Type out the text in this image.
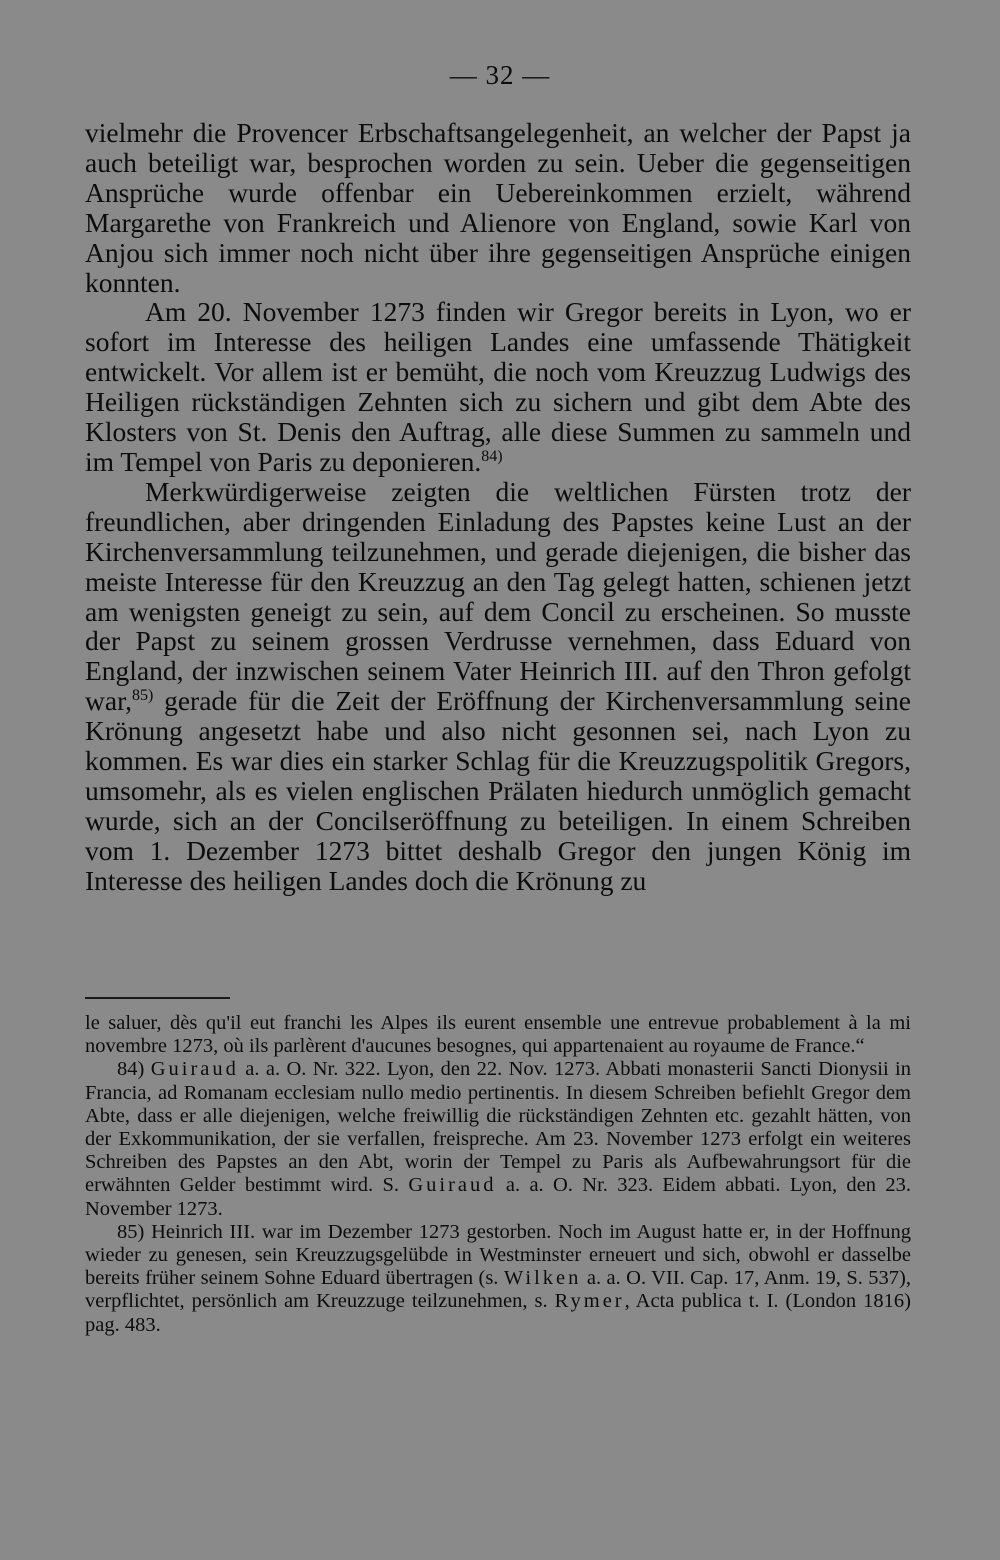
— 32 —

vielmehr die Provencer Erbschaftsangelegenheit, an welcher der Papst ja auch beteiligt war, besprochen worden zu sein. Ueber die gegenseitigen Ansprüche wurde offenbar ein Uebereinkommen erzielt, während Margarethe von Frankreich und Alienore von England, sowie Karl von Anjou sich immer noch nicht über ihre gegenseitigen Ansprüche einigen konnten.

Am 20. November 1273 finden wir Gregor bereits in Lyon, wo er sofort im Interesse des heiligen Landes eine umfassende Thätigkeit entwickelt. Vor allem ist er bemüht, die noch vom Kreuzzug Ludwigs des Heiligen rückständigen Zehnten sich zu sichern und gibt dem Abte des Klosters von St. Denis den Auftrag, alle diese Summen zu sammeln und im Tempel von Paris zu deponieren.$^{84)}$

Merkwürdigerweise zeigten die weltlichen Fürsten trotz der freundlichen, aber dringenden Einladung des Papstes keine Lust an der Kirchenversammlung teilzunehmen, und gerade diejenigen, die bisher das meiste Interesse für den Kreuzzug an den Tag gelegt hatten, schienen jetzt am wenigsten geneigt zu sein, auf dem Concil zu erscheinen. So musste der Papst zu seinem grossen Verdrusse vernehmen, dass Eduard von England, der inzwischen seinem Vater Heinrich III. auf den Thron gefolgt war,$^{85)}$ gerade für die Zeit der Eröffnung der Kirchenversammlung seine Krönung angesetzt habe und also nicht gesonnen sei, nach Lyon zu kommen. Es war dies ein starker Schlag für die Kreuzzugspolitik Gregors, umsomehr, als es vielen englischen Prälaten hiedurch unmöglich gemacht wurde, sich an der Concilseröffnung zu beteiligen. In einem Schreiben vom 1. Dezember 1273 bittet deshalb Gregor den jungen König im Interesse des heiligen Landes doch die Krönung zu

le saluer, dès qu'il eut franchi les Alpes ils eurent ensemble une entrevue probablement à la mi novembre 1273, où ils parlèrent d'aucunes besognes, qui appartenaient au royaume de France.“

84) Guiraud a. a. O. Nr. 322. Lyon, den 22. Nov. 1273. Abbati monasterii Sancti Dionysii in Francia, ad Romanam ecclesiam nullo medio pertinentis. In diesem Schreiben befiehlt Gregor dem Abte, dass er alle diejenigen, welche freiwillig die rückständigen Zehnten etc. gezahlt hätten, von der Exkommunikation, der sie verfallen, freispreche. Am 23. November 1273 erfolgt ein weiteres Schreiben des Papstes an den Abt, worin der Tempel zu Paris als Aufbewahrungsort für die erwähnten Gelder bestimmt wird. S. Guiraud a. a. O. Nr. 323. Eidem abbati. Lyon, den 23. November 1273.

85) Heinrich III. war im Dezember 1273 gestorben. Noch im August hatte er, in der Hoffnung wieder zu genesen, sein Kreuzzugsgelübde in Westminster erneuert und sich, obwohl er dasselbe bereits früher seinem Sohne Eduard übertragen (s. Wilken a. a. O. VII. Cap. 17, Anm. 19, S. 537), verpflichtet, persönlich am Kreuzzuge teilzunehmen, s. Rymer, Acta publica t. I. (London 1816) pag. 483.
